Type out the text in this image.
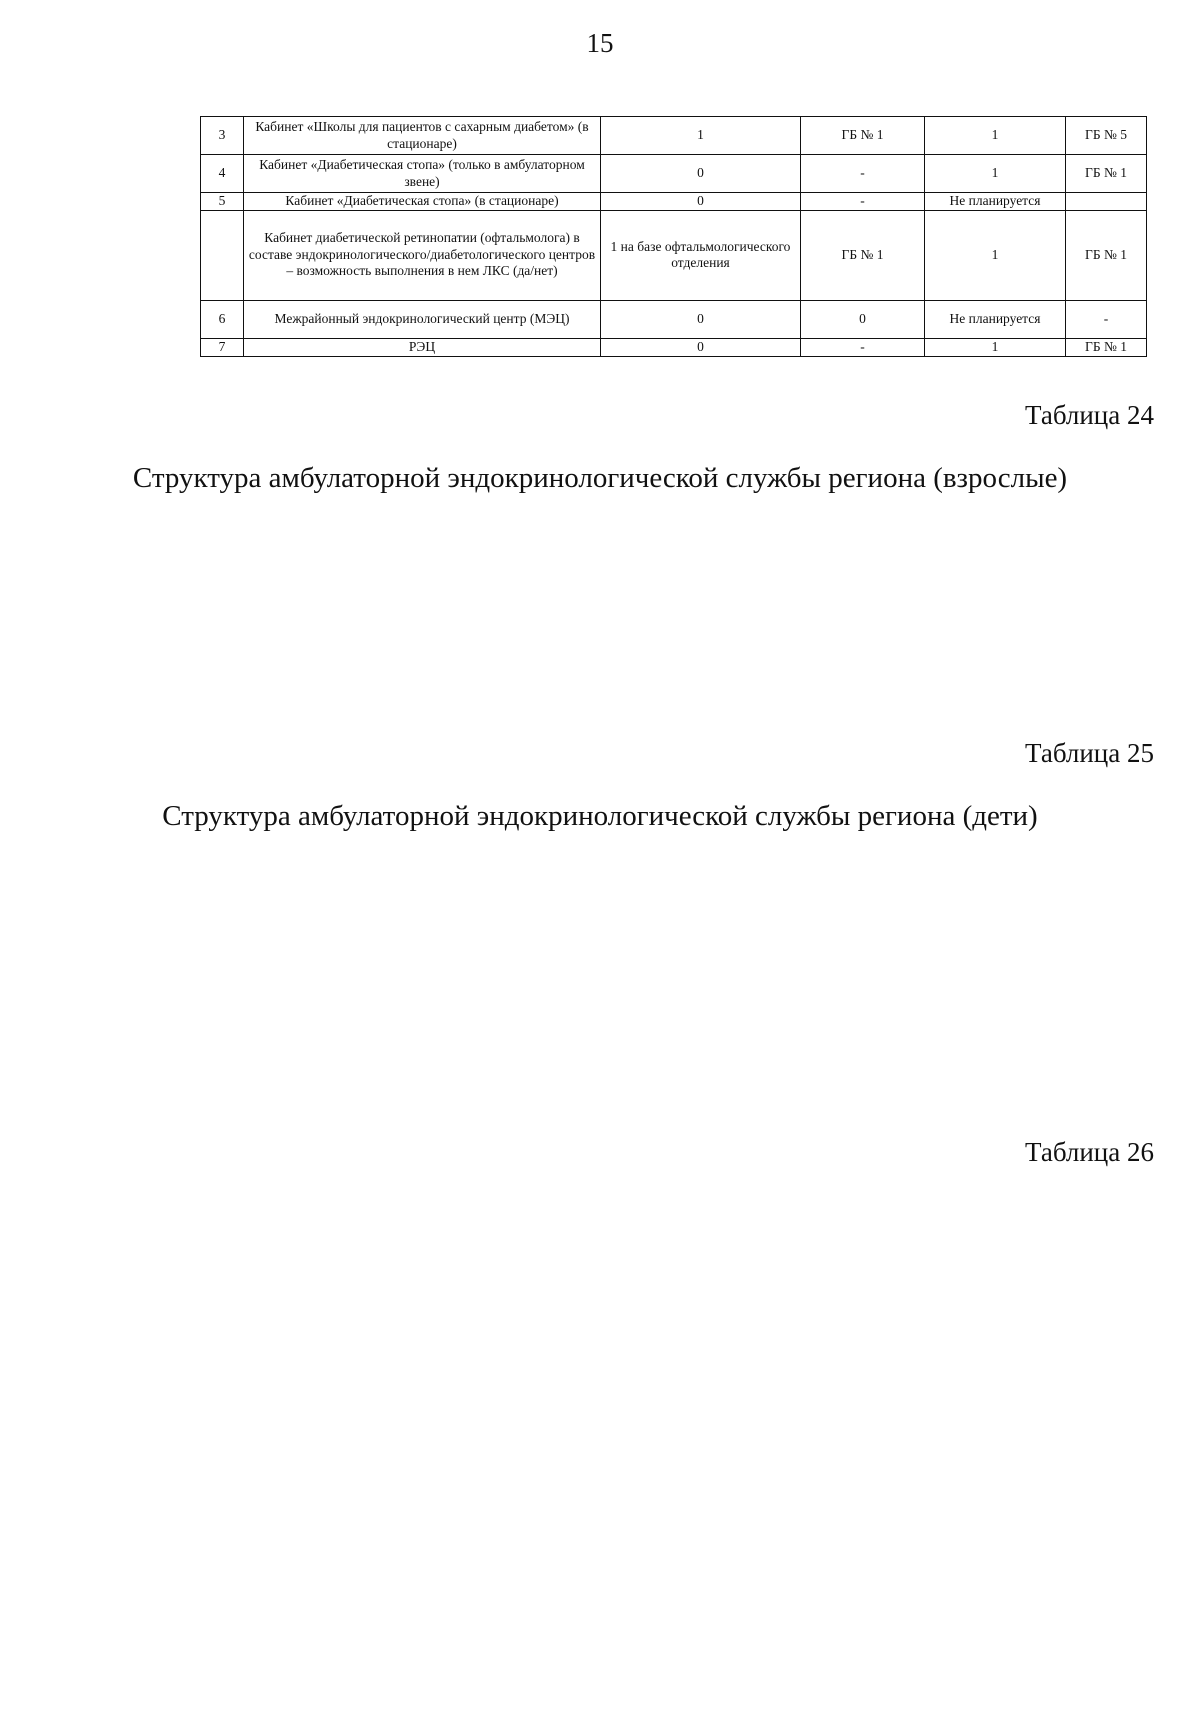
15
3	Кабинет «Школы для пациентов с сахарным диабетом» (в стационаре)	1	ГБ № 1	1	ГБ № 5
4	Кабинет «Диабетическая стопа» (только в амбулаторном звене)	0	-	1	ГБ № 1
5	Кабинет «Диабетическая стопа» (в стационаре)	0	-	Не планируется	
	Кабинет диабетической ретинопатии (офтальмолога) в составе эндокринологического/диабетологического центров – возможность выполнения в нем ЛКС (да/нет)	1 на базе офтальмологического отделения	ГБ № 1	1	ГБ № 1
6	Межрайонный эндокринологический центр (МЭЦ)	0	0	Не планируется	-
7	РЭЦ	0	-	1	ГБ № 1
Таблица 24
Структура амбулаторной эндокринологической службы региона (взрослые)
Таблица 25
Структура амбулаторной эндокринологической службы региона (дети)
Таблица 26
